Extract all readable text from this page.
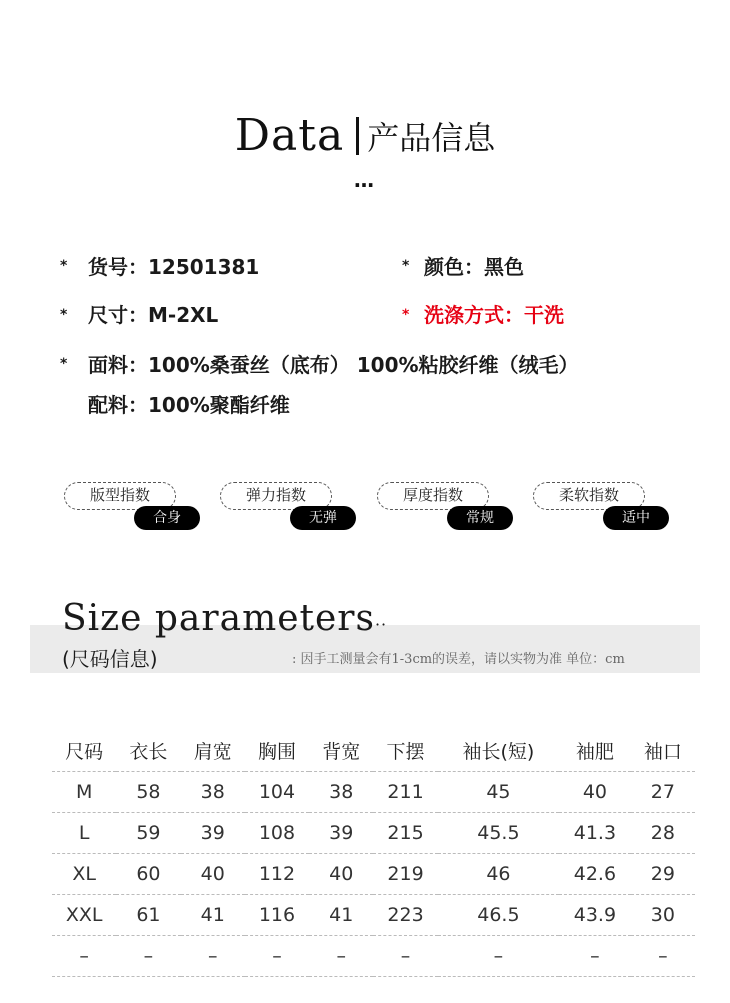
Data 产品信息
…
* 货号：12501381	* 颜色：黑色
* 尺寸：M-2XL	* 洗涤方式：干洗
* 面料：100%桑蚕丝（底布） 100%粘胶纤维（绒毛）
配料：100%聚酯纤维
版型指数
合身
弹力指数
无弹
厚度指数
常规
柔软指数
适中
Size parameters··
(尺码信息)	: 因手工测量会有1-3cm的误差，请以实物为准 单位：cm
尺码	衣长	肩宽	胸围	背宽	下摆	袖长(短)	袖肥	袖口
M	58	38	104	38	211	45	40	27
L	59	39	108	39	215	45.5	41.3	28
XL	60	40	112	40	219	46	42.6	29
XXL	61	41	116	41	223	46.5	43.9	30
–	–	–	–	–	–	–	–	–
